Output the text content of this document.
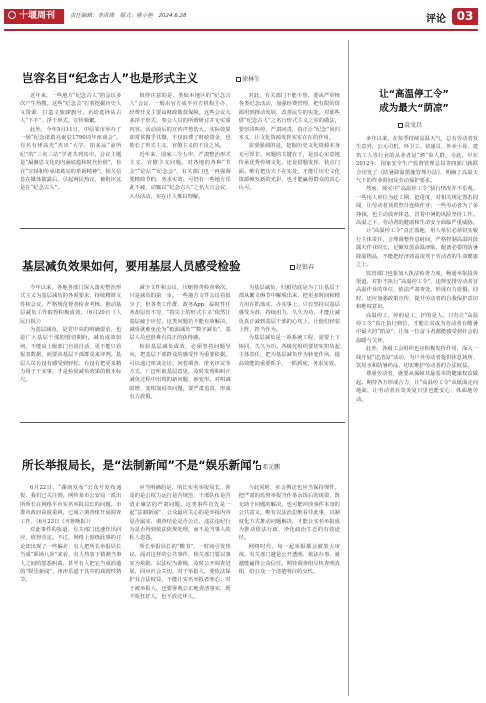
十堰周刊	责任编辑：李洪锦 版式：熊小艳 2024.6.28	评论 03
岂容名目“纪念古人”也是形式主义	徐林生
近年来，一些地方“纪念古人”的会议多次产生热搜。这些“纪念会”打着挖掘历史人文资源、打造文旅IP旗号，名给选择从古人“下手”，浮于形式，宣传频繁。
此外，今年5月11日，中原某市举办了一场“纪念诸葛亮诞辰1790周年座谈会”。有名有律高光“杰出”大学，拍多品“前所纪”的“三名三站”学者共列其中。会议主题是“凝聚思文化的内涵底蕴和时代价值”，旨在“宣扬和传承诸葛亮的革新精神”。相关信息在媒体披露后，引起网民热议，被批评这是在“纪念古人”。
值得注意的是，类似本地区的“纪念古人”会议，一般由官方或半官方机构主办，经费开支主要由财政拨款保障。这些会议大多浮于形式，参会人员的所谓研讨并无实质内容。活动前后的宣传声势浩大，实际效果却常常微乎其微，不仅浪费了财政资金，也助长了形式主义、官僚主义的不良之风。
近年来，国家三令五申，严肃整治形式主义、官僚主义问题。对各地的各种“节会”“论坛”“纪念会”，有关部门也一再强调要精简节约、务求实效。可仍有一些地方乐此不疲，动辄以“纪念古人”之名大兴会议、大办活动，实在让人难以理解。
对此，有关部门不能不察。要从严审核各类纪念活动，加强经费管理，把有限的资源用到推动发展、改善民生的实处。对那些借“纪念古人”之名行形式主义之实的做法，要坚决叫停、严肃问责，真正让“纪念”回归本义，让文化资源发挥实实在在的作用。
需要强调的是，挖掘历史文化资源本身无可厚非。问题的关键在于，是真心实意地传承优秀传统文化，还是借题发挥、装点门面。唯有把功夫下在实处，才能让历史文化资源焕发新的光彩，也才能赢得群众的真心认可。
基层减负效果如何，要用基层人员感受检验	赵银春
今年以来，各地各部门深入落实整治形式主义为基层减负的各项要求，持续精简文件和会议，严格规范督查检查考核，推动基层减负工作取得积极成效。（6月20日《人民日报》）
为基层减负，是党中央的明确要求，也是广大基层干部的殷切期盼。减负成效如何，不能由上级部门自说自话，更不能只看报表数据，而要由基层干部群众来评判。基层人员有没有感受到轻松、有没有把更多精力用于干实事，才是检验减负效果的根本标尺。
减少文件和会议、压缩督查检查频次，只是减负的第一步。一些地方文件会议看似少了，但各类工作群、政务App、临时性任务却层出不穷，“指尖上的形式主义”依然让基层疲于应付。这类问题若不能有效解决，减负就难免沦为“纸面减负”“数字减负”，基层人员也很难有真正的获得感。
检验基层减负成效，必须坚持问题导向，把基层干部群众的感受作为重要依据。可以通过座谈走访、问卷调查、匿名评议等方式，广泛听取基层意见，及时发现和纠正减负过程中出现的新问题、新变形。对明减暗增、变相加码等问题，要严肃追责，形成有力震慑。
为基层减负，归根结底是为了让基层干部从繁文缛节中解脱出来，把更多时间和精力用在抓落实、办实事上。只有坚持以基层感受为准，持续用力、久久为功，才能让减负真正减到基层干部的心坎上，让他们轻装上阵、担当作为。
为基层减负是一项系统工程，需要上下协同、久久为功。各级党组织要切实担负起主体责任，把为基层减负作为转变作风、提高效能的重要抓手，一抓到底，务求实效。
所长举报局长，是“法制新闻”不是“娱乐新闻” 邓元鹏
6月22日，“湖南发布”公众号发布通报：我们已关注到，网传某市公安局一派出所所长在网络平台实名举报局长的问题。市委市政府高度重视，已成立调查组开展调查工作。（6月23日《齐鲁晚报》）
对此事件的报道，有关部门迅速作出回应，值得肯定。不过，网络上围绕此事的讨论却出现了一些偏差：有人把所长举报局长当成“职场八卦”来看，有人热衷于猜测当事人之间的恩怨纠葛，甚至有人把它当成消遣的“娱乐新闻”，津津乐道于其中的戏剧性情节。
应当明确的是，所长实名举报局长，涉及的是公权力运行是否规范、干部队伍是否清正廉洁的严肃问题。这类事件首先是一起“法制新闻”，公众最应关心的是举报内容是否属实、调查结论是否公正、违法违纪行为是否得到依法依规处理，而不是当事人的私人恩怨。
所长举报局长的“檄书”，一时间引发热议。面对这样的公共事件，相关部门要以事实为依据、以法纪为准绳，及时公开调查进展，回应社会关切。对于举报人，要依法保护其合法权益，不能让实名举报者寒心；对于被举报人，也要客观公正地查清事实，既不冤枉好人，也不放过坏人。
与此同时，社会舆论也应当保持理性。把严肃的监督举报当作茶余饭后的谈资，既无助于问题的解决，也可能冲淡事件本身的公共意义。唯有以法治思维看待此事，以制度化方式推动问题解决，才能让实名举报成为推动依法行政、净化政治生态的有效途径。
网络时代，每一起举报都会被放大审视。有关部门越是公开透明、依法办事，就越能赢得公众信任。期待调查组尽快查明真相，给公众一个清楚明白的交代。
让“高温停工令”
成为最大“荫凉”
袁文昌
多年以来，在每季持续高温天气，总有劳动者发生意外。公元司机、环卫工、快递员、外卖小哥、建筑工人等行业的从业者是“烤”验人群。为此，早在2012年，国家安全生产监督管理总局等四部门就联合印发了《防暑降温措施管理办法》，明确了高温天气下的作业时间及劳动保护要求。
然而，现实中“高温停工令”执行情况并不乐观。一些用人单位为赶工期、抢进度，对相关规定置若罔闻，让劳动者顶着烈日连续作业；一些劳动者为了多挣钱，也主动放弃休息，冒着中暑的风险坚持工作。高温之下，劳动者的健康和生命安全面临严重威胁。
让“高温停工令”真正落地，用人单位必须切实履行主体责任，合理调整作息时间，严格控制高温时段露天作业时长，足额发放高温津贴，配备必要的防暑降温物品，不能把经济效益凌驾于劳动者的生命健康之上。
监管部门也要加大执法检查力度，畅通举报投诉渠道，对拒不执行“高温停工令”、违规安排劳动者冒高温作业的单位，依法严肃查处，形成有力震慑。同时，还应加强政策宣传，提升劳动者的自我保护意识和维权意识。
高温停工，停的是工，护的是人。只有让“高温停工令”真正执行到位，才能让其成为劳动者在酷暑中最大的“荫凉”，让每一位奋斗者都能感受到社会的温暖与关怀。
此外，各级工会组织也应积极发挥作用，深入一线开展“送清凉”活动，为户外劳动者提供休息场所、饮用水和防暑药品，切实维护劳动者的合法权益。
尊重劳动者，就要从保障其最基本的健康权益做起。期待各方形成合力，让“高温停工令”从纸面走向地面，让劳动者在炎炎夏日里也能安心、体面地劳动。
